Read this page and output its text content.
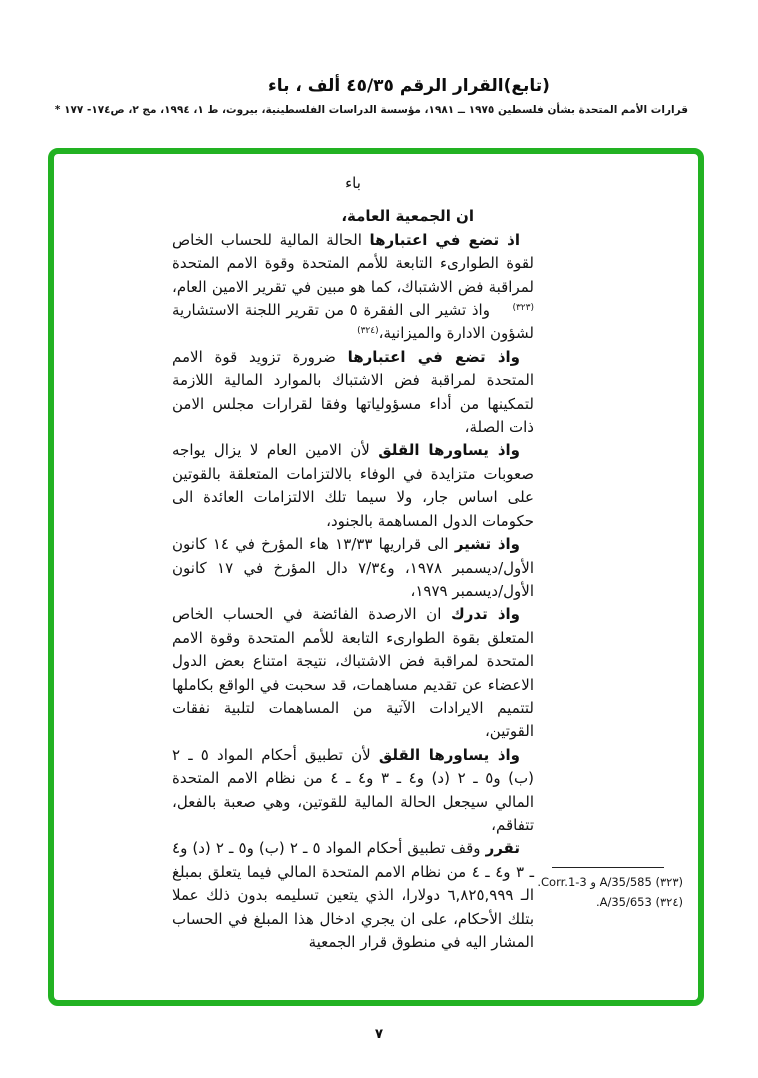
(تابع)القرار الرقم ٤٥/٣٥ ألف ، باء
قرارات الأمم المتحدة بشأن فلسطين ١٩٧٥ ــ ١٩٨١، مؤسسة الدراسات الفلسطينية، بيروت، ط ١، ١٩٩٤، مج ٢، ص١٧٤- ١٧٧ *
باء

ان الجمعية العامة،

اذ تضع في اعتبارها الحالة المالية للحساب الخاص لقوة الطوارىء التابعة للأمم المتحدة وقوة الامم المتحدة لمراقبة فض الاشتباك، كما هو مبين في تقرير الامين العام،$^{(٣٢٣)}$    واذ تشير الى الفقرة ٥ من تقرير اللجنة الاستشارية لشؤون الادارة والميزانية،$^{(٣٢٤)}$

واذ تضع في اعتبارها ضرورة تزويد قوة الامم المتحدة لمراقبة فض الاشتباك بالموارد المالية اللازمة لتمكينها من أداء مسؤولياتها وفقا لقرارات مجلس الامن ذات الصلة،

واذ يساورها القلق لأن الامين العام لا يزال يواجه صعوبات متزايدة في الوفاء بالالتزامات المتعلقة بالقوتين على اساس جار، ولا سيما تلك الالتزامات العائدة الى حكومات الدول المساهمة بالجنود،

واذ تشير الى قراريها ١٣/٣٣ هاء المؤرخ في ١٤ كانون الأول/ديسمبر ١٩٧٨، و٧/٣٤ دال المؤرخ في ١٧ كانون الأول/ديسمبر ١٩٧٩،

واذ تدرك ان الارصدة الفائضة في الحساب الخاص المتعلق بقوة الطوارىء التابعة للأمم المتحدة وقوة الامم المتحدة لمراقبة فض الاشتباك، نتيجة امتناع بعض الدول الاعضاء عن تقديم مساهمات، قد سحبت في الواقع بكاملها لتتميم الايرادات الآتية من المساهمات لتلبية نفقات القوتين،

واذ يساورها القلق لأن تطبيق أحكام المواد ٥ ـ ٢ (ب) و٥ ـ ٢ (د) و٤ ـ ٣ و٤ ـ ٤ من نظام الامم المتحدة المالي سيجعل الحالة المالية للقوتين، وهي صعبة بالفعل، تتفاقم،

تقرر وقف تطبيق أحكام المواد ٥ ـ ٢ (ب) و٥ ـ ٢ (د) و٤ ـ ٣ و٤ ـ ٤ من نظام الامم المتحدة المالي فيما يتعلق بمبلغ الـ ٦,٨٢٥,٩٩٩ دولارا، الذي يتعين تسليمه بدون ذلك عملا بتلك الأحكام، على ان يجري ادخال هذا المبلغ في الحساب المشار اليه في منطوق قرار الجمعية

(٣٢٣) A/35/585 و Corr.1-3.

(٣٢٤) A/35/653.

٧
